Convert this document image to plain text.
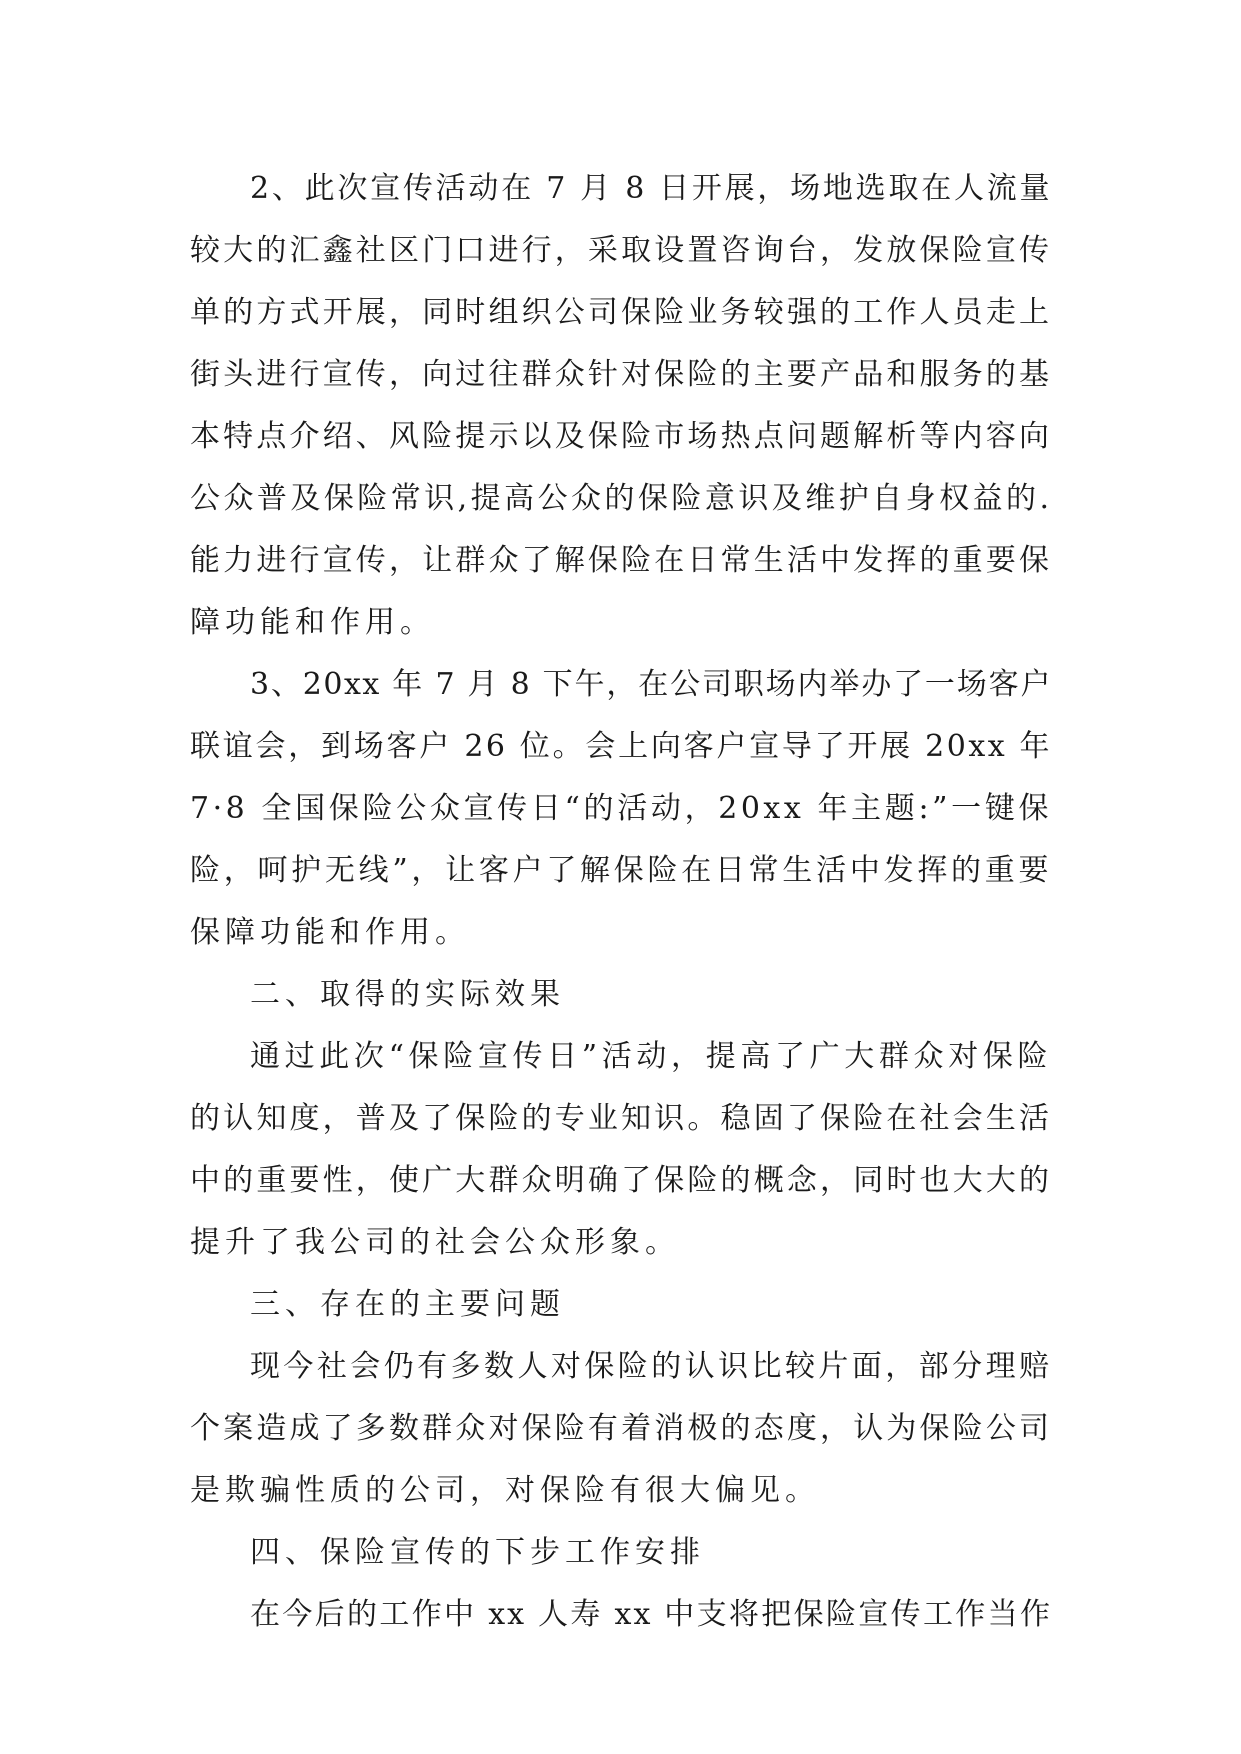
2、此次宣传活动在 7 月 8 日开展，场地选取在人流量
较大的汇鑫社区门口进行，采取设置咨询台，发放保险宣传
单的方式开展，同时组织公司保险业务较强的工作人员走上
街头进行宣传，向过往群众针对保险的主要产品和服务的基
本特点介绍、风险提示以及保险市场热点问题解析等内容向
公众普及保险常识,提高公众的保险意识及维护自身权益的.
能力进行宣传，让群众了解保险在日常生活中发挥的重要保
障功能和作用。
3、20xx 年 7 月 8 下午，在公司职场内举办了一场客户
联谊会，到场客户 26 位。会上向客户宣导了开展 20xx 年
7·8 全国保险公众宣传日“的活动，20xx 年主题:”一键保
险，呵护无线”，让客户了解保险在日常生活中发挥的重要
保障功能和作用。
二、取得的实际效果
通过此次“保险宣传日”活动，提高了广大群众对保险
的认知度，普及了保险的专业知识。稳固了保险在社会生活
中的重要性，使广大群众明确了保险的概念，同时也大大的
提升了我公司的社会公众形象。
三、存在的主要问题
现今社会仍有多数人对保险的认识比较片面，部分理赔
个案造成了多数群众对保险有着消极的态度，认为保险公司
是欺骗性质的公司，对保险有很大偏见。
四、保险宣传的下步工作安排
在今后的工作中 xx 人寿 xx 中支将把保险宣传工作当作
